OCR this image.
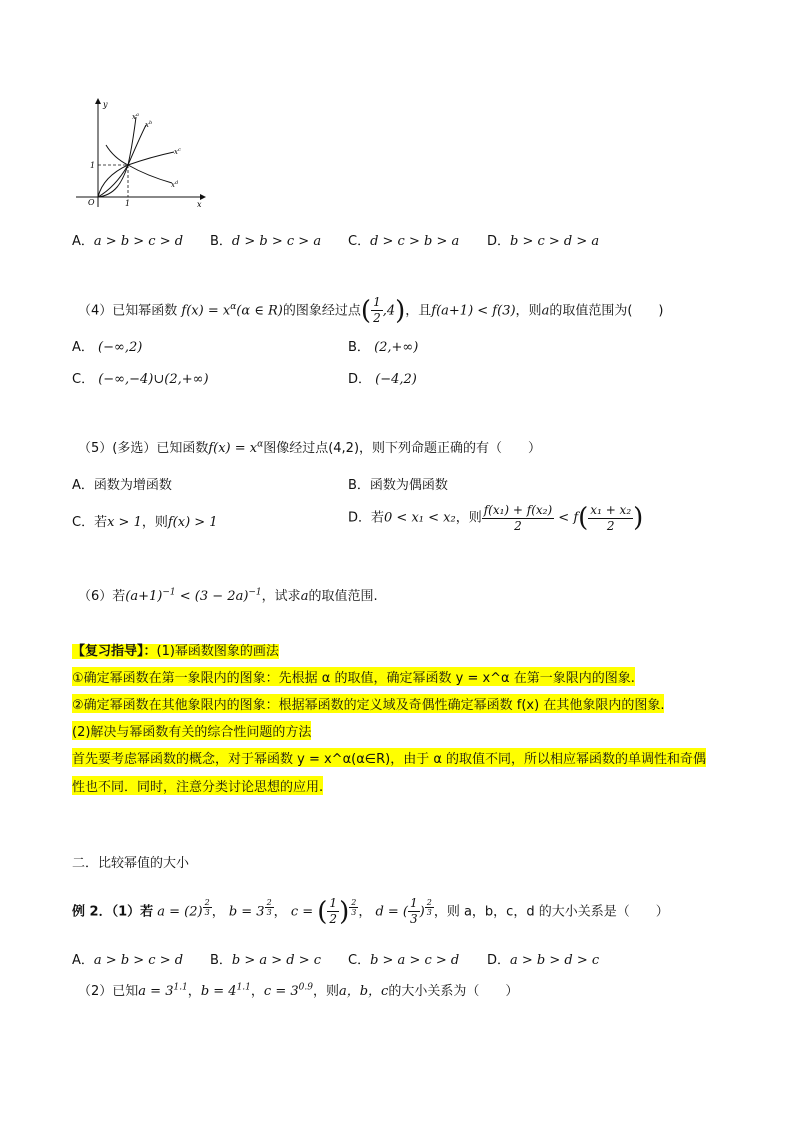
y
x
O	1
1
$x^a$
$x^b$
$x^c$
$x^d$
A．a > b > c > d B．d > b > c > a C．d > c > b > a D．b > c > d > a
（4）已知幂函数 $f(x) = x^\alpha(\alpha$ ∈ R)的图象经过点( $\frac{1}{2} ,4$)，且f(a+1) < f(3)，则a的取值范围为(　　)
A． (−∞,2)	B． (2,+∞)
C． (−∞,−4)∪(2,+∞)	D． (−4,2)
（5）(多选）已知函数$f(x) = x^\alpha$图像经过点(4,2)，则下列命题正确的有（　　）
A．函数为增函数	B．函数为偶函数
C．若x > 1，则f(x) > 1	D．若0 < x₁ < x₂，则 $\frac{\text{f(x₁) + f(x₂)}}{2} < f( \frac{\text{x₁ + x₂}}{2}$ )
（6）若$(a+1)^{-1} < (3 - 2a)^{-1}$，试求a的取值范围.
【复习指导】：(1)幂函数图象的画法
①确定幂函数在第一象限内的图象：先根据 α 的取值，确定幂函数 y = x^α 在第一象限内的图象.
②确定幂函数在其他象限内的图象：根据幂函数的定义域及奇偶性确定幂函数 f(x) 在其他象限内的图象.
(2)解决与幂函数有关的综合性问题的方法
首先要考虑幂函数的概念，对于幂函数 y = x^α(α∈R)，由于 α 的取值不同，所以相应幂函数的单调性和奇偶
性也不同．同时，注意分类讨论思想的应用.
二．比较幂值的大小
例 2．（1）若 a = (2) $^{\frac{2}{3}}$ ， b = 3 $^{\frac{2}{3}}$ ， c = ( $\frac{1}{2}$ ) $^{\frac{2}{3}}$ ， d = ( $\frac{1}{3}$ ) $^{\frac{2}{3}}$ ，则 a，b，c，d 的大小关系是（　　）
A．a > b > c > d B．b > a > d > c C．b > a > c > d D．a > b > d > c
（2）已知$a = 3^{1.1}$，$b = 4^{1.1}$，$c = 3^{0.9}$，则a，b，c的大小关系为（　　）
